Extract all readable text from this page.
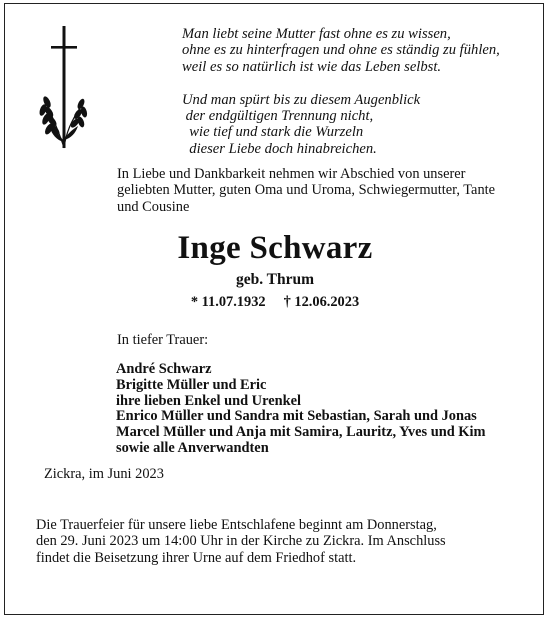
Man liebt seine Mutter fast ohne es zu wissen,
ohne es zu hinterfragen und ohne es ständig zu fühlen,
weil es so natürlich ist wie das Leben selbst.
Und man spürt bis zu diesem Augenblick
der endgültigen Trennung nicht,
wie tief und stark die Wurzeln
dieser Liebe doch hinabreichen.
In Liebe und Dankbarkeit nehmen wir Abschied von unserer
geliebten Mutter, guten Oma und Uroma, Schwiegermutter, Tante
und Cousine
Inge Schwarz
geb. Thrum
* 11.07.1932 † 12.06.2023
In tiefer Trauer:
André Schwarz
Brigitte Müller und Eric
ihre lieben Enkel und Urenkel
Enrico Müller und Sandra mit Sebastian, Sarah und Jonas
Marcel Müller und Anja mit Samira, Lauritz, Yves und Kim
sowie alle Anverwandten
Zickra, im Juni 2023
Die Trauerfeier für unsere liebe Entschlafene beginnt am Donnerstag,
den 29. Juni 2023 um 14:00 Uhr in der Kirche zu Zickra. Im Anschluss
findet die Beisetzung ihrer Urne auf dem Friedhof statt.
